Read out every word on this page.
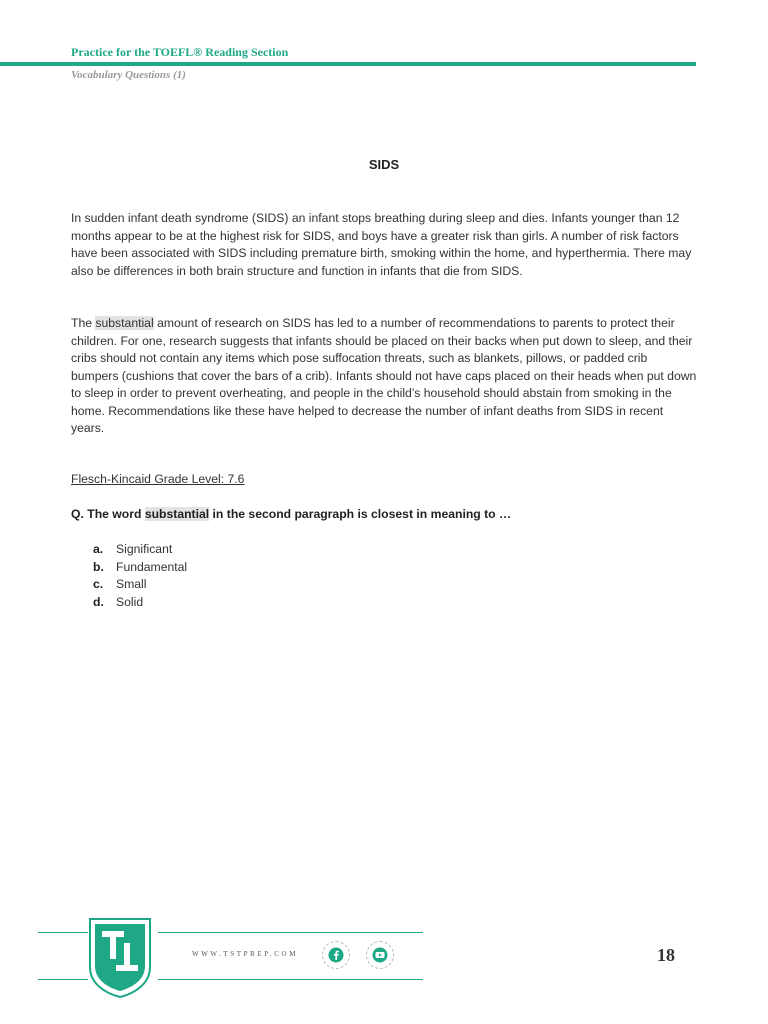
Practice for the TOEFL® Reading Section
Vocabulary Questions (1)
SIDS

In sudden infant death syndrome (SIDS) an infant stops breathing during sleep and dies. Infants younger than 12 months appear to be at the highest risk for SIDS, and boys have a greater risk than girls. A number of risk factors have been associated with SIDS including premature birth, smoking within the home, and hyperthermia. There may also be differences in both brain structure and function in infants that die from SIDS.

The substantial amount of research on SIDS has led to a number of recommendations to parents to protect their children. For one, research suggests that infants should be placed on their backs when put down to sleep, and their cribs should not contain any items which pose suffocation threats, such as blankets, pillows, or padded crib bumpers (cushions that cover the bars of a crib). Infants should not have caps placed on their heads when put down to sleep in order to prevent overheating, and people in the child’s household should abstain from smoking in the home. Recommendations like these have helped to decrease the number of infant deaths from SIDS in recent years.

Flesch-Kincaid Grade Level: 7.6
Q. The word substantial in the second paragraph is closest in meaning to …
a.	Significant
b. Fundamental
c.	Small
d. Solid
TT
WWW.TSTPREP.COM	18
